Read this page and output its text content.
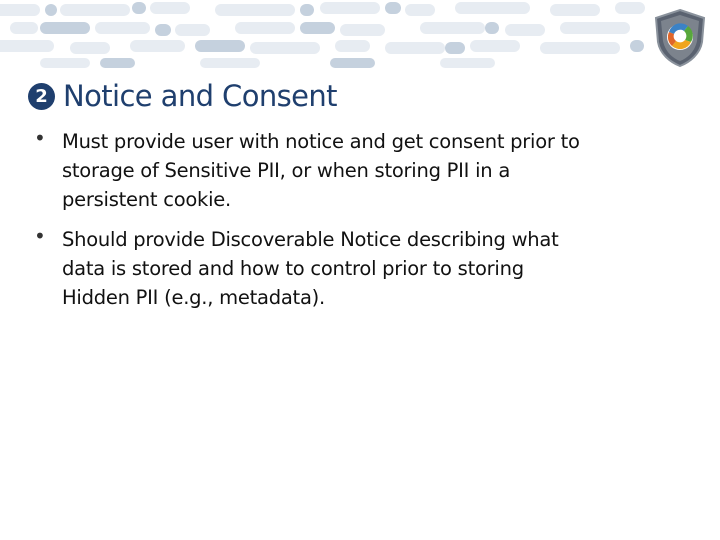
2 Notice and Consent
• Must provide user with notice and get consent prior to storage of Sensitive PII, or when storing PII in a persistent cookie.
• Should provide Discoverable Notice describing what data is stored and how to control prior to storing Hidden PII (e.g., metadata).
